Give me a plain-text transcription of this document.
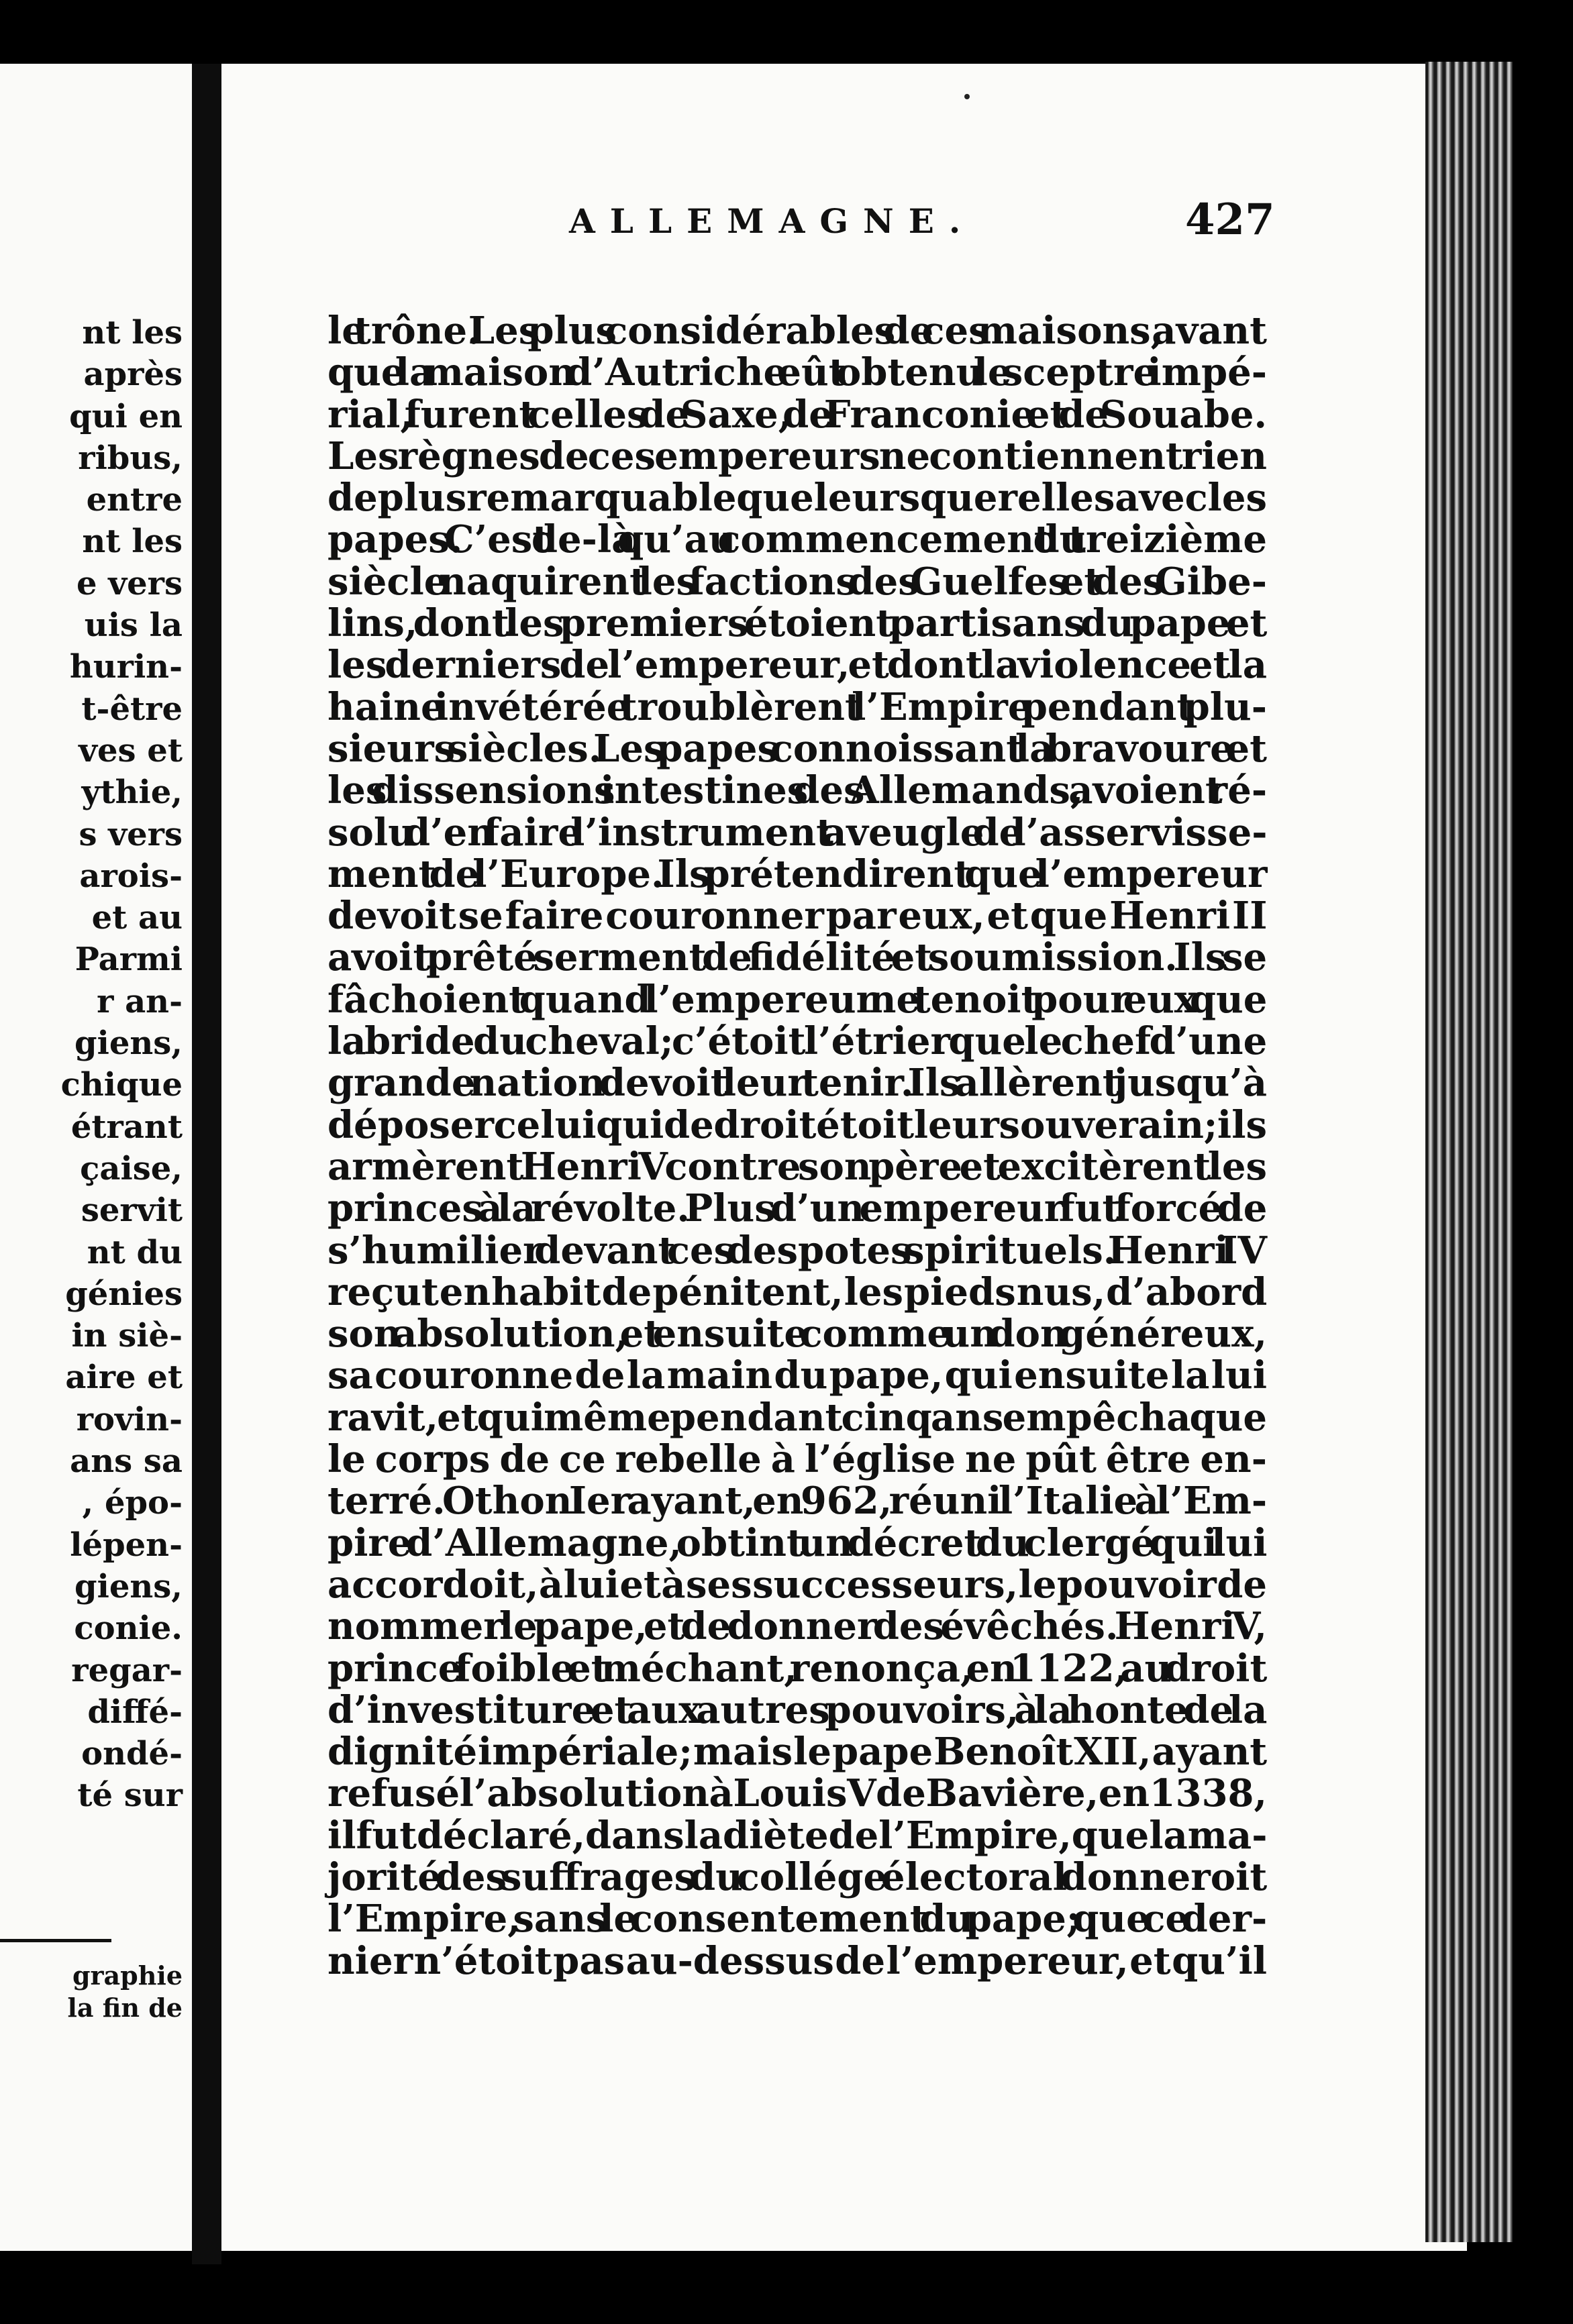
nt les
après
qui en
ribus,
entre
nt les
e vers
uis la
hurin-
t-être
ves et
ythie,
s vers
arois-
et au
Parmi
r an-
giens,
chique
étrant
çaise,
servit
nt du
génies
in siè-
aire et
rovin-
ans sa
, épo-
lépen-
giens,
conie.
regar-
diffé-
ondé-
té sur
graphie
la fin de
ALLEMAGNE.	427
le trône. Les plus considérables de ces maisons, avant
que la maison d’Autriche eût obtenu le sceptre impé-
rial, furent celles de Saxe, de Franconie et de Souabe.
Les règnes de ces empereurs ne contiennent rien
de plus remarquable que leurs querelles avec les
papes. C’est de-là qu’au commencement du treizième
siècle naquirent les factions des Guelfes et des Gibe-
lins, dont les premiers étoient partisans du pape et
les derniers de l’empereur, et dont la violence et la
haine invétérée troublèrent l’Empire pendant plu-
sieurs siècles. Les papes connoissant la bravoure et
les dissensions intestines des Allemands, avoient ré-
solu d’en faire l’instrument aveugle de l’asservisse-
ment de l’Europe. Ils prétendirent que l’empereur
devoit se faire couronner par eux, et que Henri II
avoit prêté serment de fidélité et soumission. Ils se
fâchoient quand l’empereur ne tenoit pour eux que
la bride du cheval; c’étoit l’étrier que le chef d’une
grande nation devoit leur tenir. Ils allèrent jusqu’à
déposer celui qui de droit étoit leur souverain ; ils
armèrent Henri V contre son père et excitèrent les
princes à la révolte. Plus d’un empereur fut forcé de
s’humilier devant ces despotes spirituels. Henri IV
reçut en habit de pénitent, les pieds nus, d’abord
son absolution, et ensuite comme un don généreux,
sa couronne de la main du pape, qui ensuite la lui
ravit, et qui même pendant cinq ans empêcha que
le corps de ce rebelle à l’église ne pût être en-
terré. Othon Ier ayant, en 962, réuni l’Italie à l’Em-
pire d’Allemagne, obtint un décret du clergé qui lui
accordoit, à lui et à ses successeurs, le pouvoir de
nommer le pape, et de donner des évêchés. Henri V,
prince foible et méchant, renonça, en 1122, au droit
d’investiture et aux autres pouvoirs, à la honte de la
dignité impériale; mais le pape Benoît XII, ayant
refusé l’absolution à Louis V de Bavière, en 1338,
il fut déclaré, dans la diète de l’Empire, que la ma-
jorité des suffrages du collége électoral donneroit
l’Empire, sans le consentement du pape; que ce der-
nier n’étoit pas au-dessus de l’empereur, et qu’il
